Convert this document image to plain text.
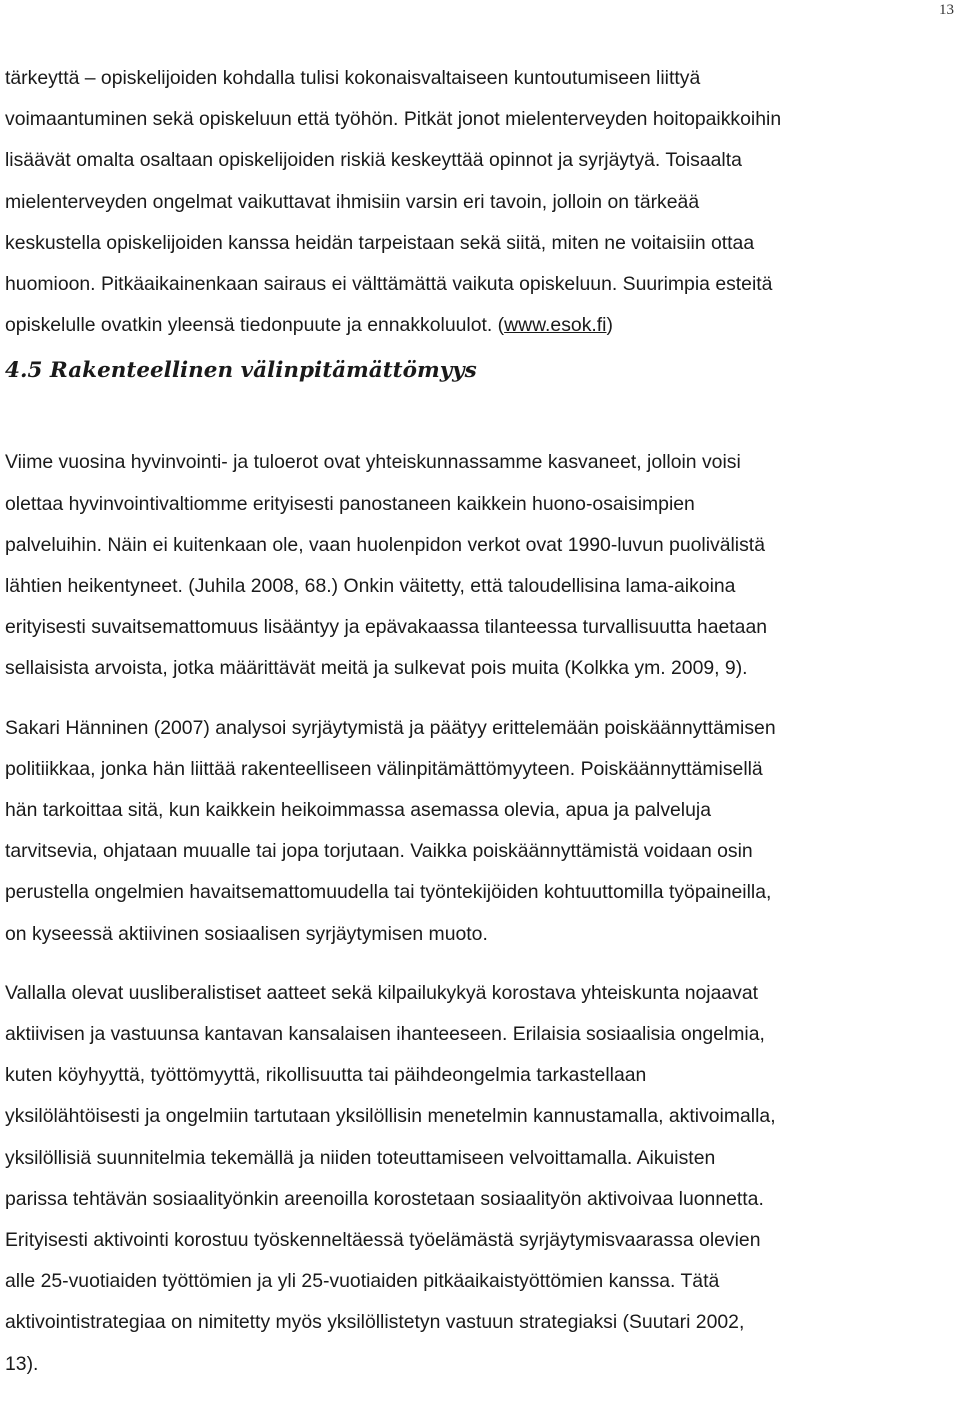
13

tärkeyttä – opiskelijoiden kohdalla tulisi kokonaisvaltaiseen kuntoutumiseen liittyä
voimaantuminen sekä opiskeluun että työhön. Pitkät jonot mielenterveyden hoitopaikkoihin
lisäävät omalta osaltaan opiskelijoiden riskiä keskeyttää opinnot ja syrjäytyä. Toisaalta
mielenterveyden ongelmat vaikuttavat ihmisiin varsin eri tavoin, jolloin on tärkeää
keskustella opiskelijoiden kanssa heidän tarpeistaan sekä siitä, miten ne voitaisiin ottaa
huomioon. Pitkäaikainenkaan sairaus ei välttämättä vaikuta opiskeluun. Suurimpia esteitä
opiskelulle ovatkin yleensä tiedonpuute ja ennakkoluulot. (www.esok.fi)

4.5 Rakenteellinen välinpitämättömyys

Viime vuosina hyvinvointi- ja tuloerot ovat yhteiskunnassamme kasvaneet, jolloin voisi
olettaa hyvinvointivaltiomme erityisesti panostaneen kaikkein huono-osaisimpien
palveluihin. Näin ei kuitenkaan ole, vaan huolenpidon verkot ovat 1990-luvun puolivälistä
lähtien heikentyneet. (Juhila 2008, 68.) Onkin väitetty, että taloudellisina lama-aikoina
erityisesti suvaitsemattomuus lisääntyy ja epävakaassa tilanteessa turvallisuutta haetaan
sellaisista arvoista, jotka määrittävät meitä ja sulkevat pois muita (Kolkka ym. 2009, 9).

Sakari Hänninen (2007) analysoi syrjäytymistä ja päätyy erittelemään poiskäännyttämisen
politiikkaa, jonka hän liittää rakenteelliseen välinpitämättömyyteen. Poiskäännyttämisellä
hän tarkoittaa sitä, kun kaikkein heikoimmassa asemassa olevia, apua ja palveluja
tarvitsevia, ohjataan muualle tai jopa torjutaan. Vaikka poiskäännyttämistä voidaan osin
perustella ongelmien havaitsemattomuudella tai työntekijöiden kohtuuttomilla työpaineilla,
on kyseessä aktiivinen sosiaalisen syrjäytymisen muoto.

Vallalla olevat uusliberalistiset aatteet sekä kilpailukykyä korostava yhteiskunta nojaavat
aktiivisen ja vastuunsa kantavan kansalaisen ihanteeseen. Erilaisia sosiaalisia ongelmia,
kuten köyhyyttä, työttömyyttä, rikollisuutta tai päihdeongelmia tarkastellaan
yksilölähtöisesti ja ongelmiin tartutaan yksilöllisin menetelmin kannustamalla, aktivoimalla,
yksilöllisiä suunnitelmia tekemällä ja niiden toteuttamiseen velvoittamalla. Aikuisten
parissa tehtävän sosiaalityönkin areenoilla korostetaan sosiaalityön aktivoivaa luonnetta.
Erityisesti aktivointi korostuu työskenneltäessä työelämästä syrjäytymisvaarassa olevien
alle 25-vuotiaiden työttömien ja yli 25-vuotiaiden pitkäaikaistyöttömien kanssa. Tätä
aktivointistrategiaa on nimitetty myös yksilöllistetyn vastuun strategiaksi (Suutari 2002,
13).
